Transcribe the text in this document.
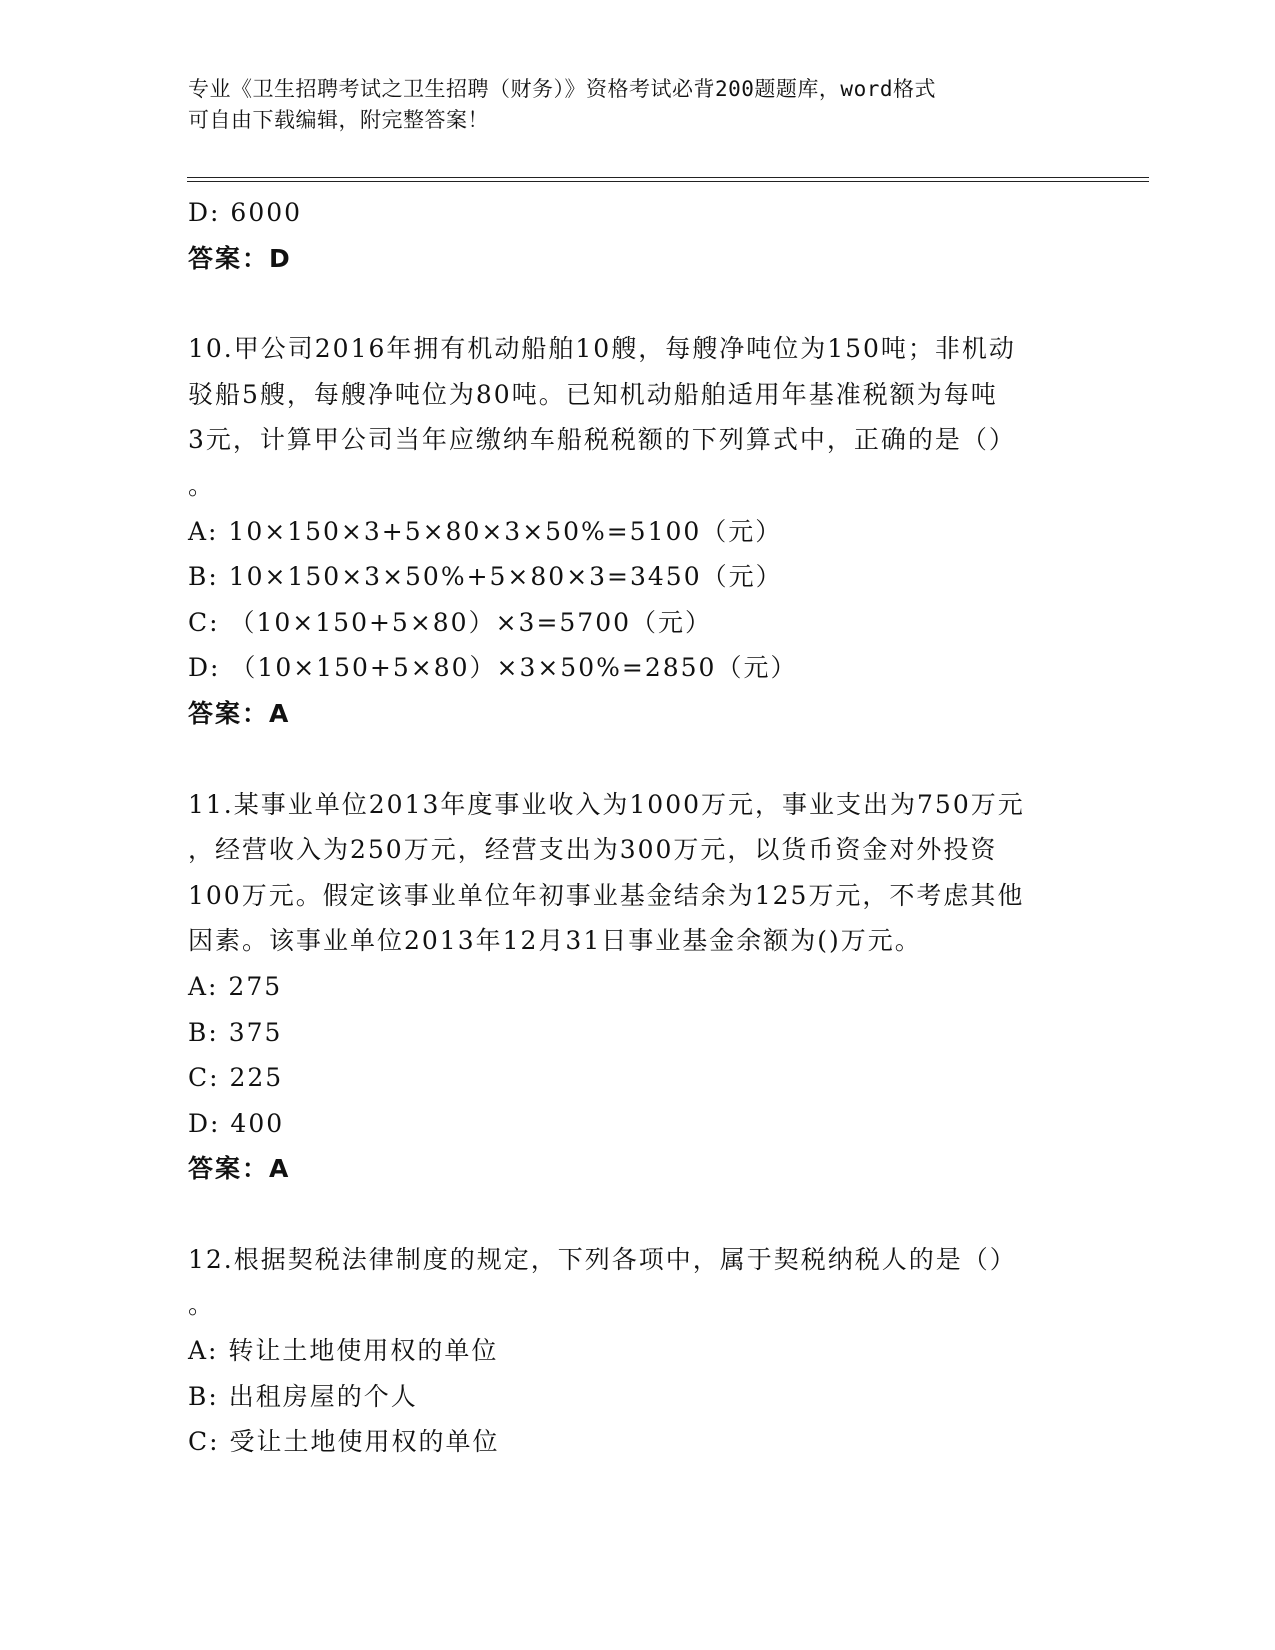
专业《卫生招聘考试之卫生招聘（财务）》资格考试必背200题题库，word格式
可自由下载编辑，附完整答案！
D: 6000
答案：D
10.甲公司2016年拥有机动船舶10艘，每艘净吨位为150吨；非机动
驳船5艘，每艘净吨位为80吨。已知机动船舶适用年基准税额为每吨
3元，计算甲公司当年应缴纳车船税税额的下列算式中，正确的是（）
。
A: 10×150×3+5×80×3×50%=5100（元）
B: 10×150×3×50%+5×80×3=3450（元）
C: （10×150+5×80）×3=5700（元）
D: （10×150+5×80）×3×50%=2850（元）
答案：A
11.某事业单位2013年度事业收入为1000万元，事业支出为750万元
，经营收入为250万元，经营支出为300万元，以货币资金对外投资
100万元。假定该事业单位年初事业基金结余为125万元，不考虑其他
因素。该事业单位2013年12月31日事业基金余额为()万元。
A: 275
B: 375
C: 225
D: 400
答案：A
12.根据契税法律制度的规定，下列各项中，属于契税纳税人的是（）
。
A: 转让土地使用权的单位
B: 出租房屋的个人
C: 受让土地使用权的单位
